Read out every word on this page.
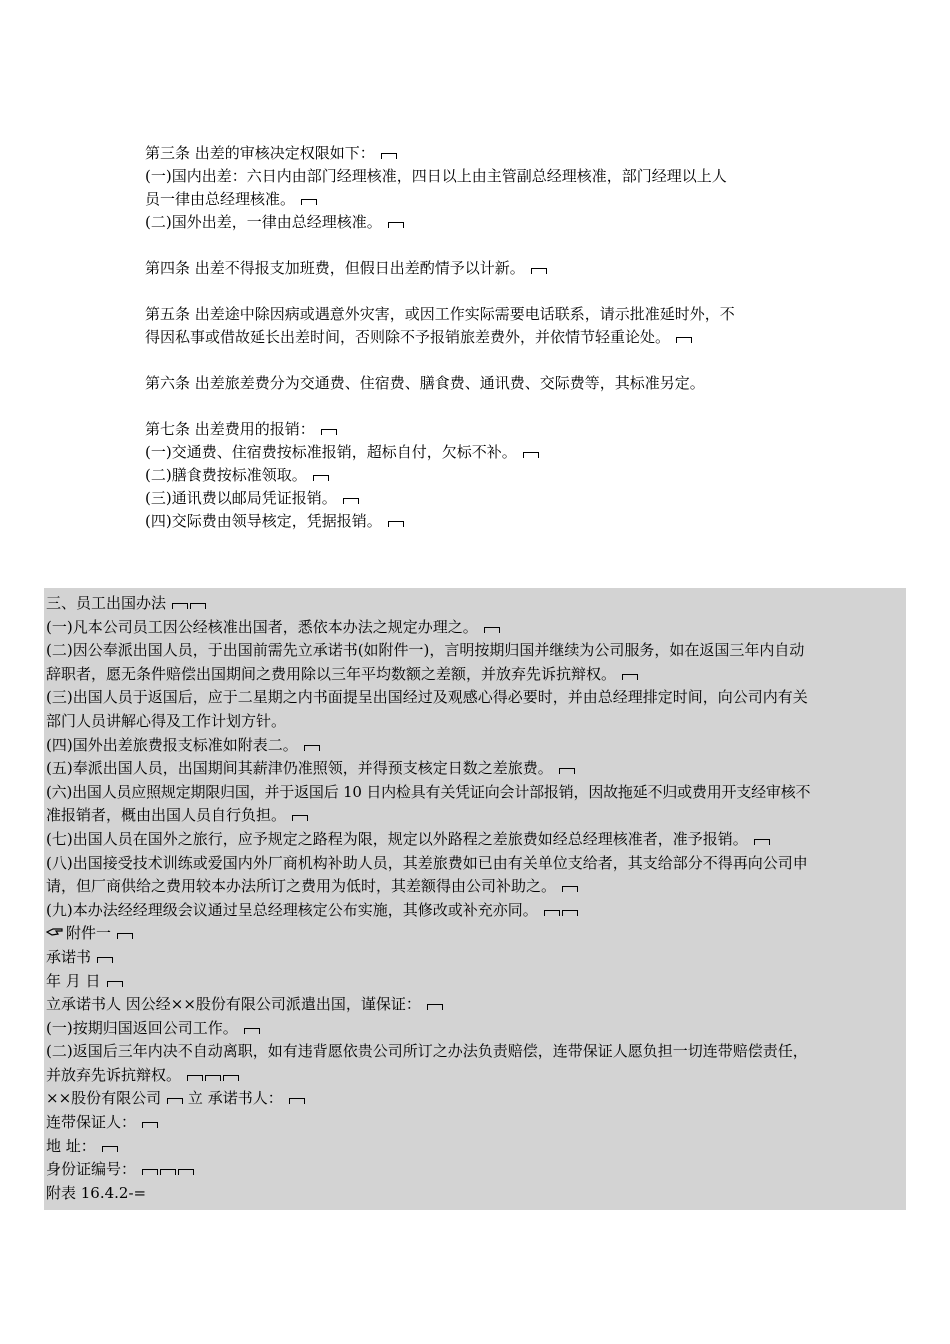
第三条 出差的审核决定权限如下：
(一)国内出差：六日内由部门经理核准，四日以上由主管副总经理核准，部门经理以上人
员一律由总经理核准。
(二)国外出差，一律由总经理核准。
第四条 出差不得报支加班费，但假日出差酌情予以计新。
第五条 出差途中除因病或遇意外灾害，或因工作实际需要电话联系，请示批准延时外，不
得因私事或借故延长出差时间，否则除不予报销旅差费外，并依情节轻重论处。
第六条 出差旅差费分为交通费、住宿费、膳食费、通讯费、交际费等，其标准另定。
第七条 出差费用的报销：
(一)交通费、住宿费按标准报销，超标自付，欠标不补。
(二)膳食费按标准领取。
(三)通讯费以邮局凭证报销。
(四)交际费由领导核定，凭据报销。
三、员工出国办法
(一)凡本公司员工因公经核准出国者，悉依本办法之规定办理之。
(二)因公奉派出国人员，于出国前需先立承诺书(如附件一)，言明按期归国并继续为公司服务，如在返国三年内自动
辞职者，愿无条件赔偿出国期间之费用除以三年平均数额之差额，并放弃先诉抗辩权。
(三)出国人员于返国后，应于二星期之内书面提呈出国经过及观感心得必要时，并由总经理排定时间，向公司内有关
部门人员讲解心得及工作计划方针。
(四)国外出差旅费报支标准如附表二。
(五)奉派出国人员，出国期间其薪津仍准照领，并得预支核定日数之差旅费。
(六)出国人员应照规定期限归国，并于返国后 10 日内检具有关凭证向会计部报销，因故拖延不归或费用开支经审核不
准报销者，概由出国人员自行负担。
(七)出国人员在国外之旅行，应予规定之路程为限，规定以外路程之差旅费如经总经理核准者，准予报销。
(八)出国接受技术训练或爱国内外厂商机构补助人员，其差旅费如已由有关单位支给者，其支给部分不得再向公司申
请，但厂商供给之费用较本办法所订之费用为低时，其差额得由公司补助之。
(九)本办法经经理级会议通过呈总经理核定公布实施，其修改或补充亦同。
附件一
承诺书
年 月 日
立承诺书人 因公经××股份有限公司派遣出国，谨保证：
(一)按期归国返回公司工作。
(二)返国后三年内决不自动离职，如有违背愿依贵公司所订之办法负责赔偿，连带保证人愿负担一切连带赔偿责任，
并放弃先诉抗辩权。
××股份有限公司 立 承诺书人：
连带保证人：
地 址：
身份证编号：
附表 16.4.2-=
